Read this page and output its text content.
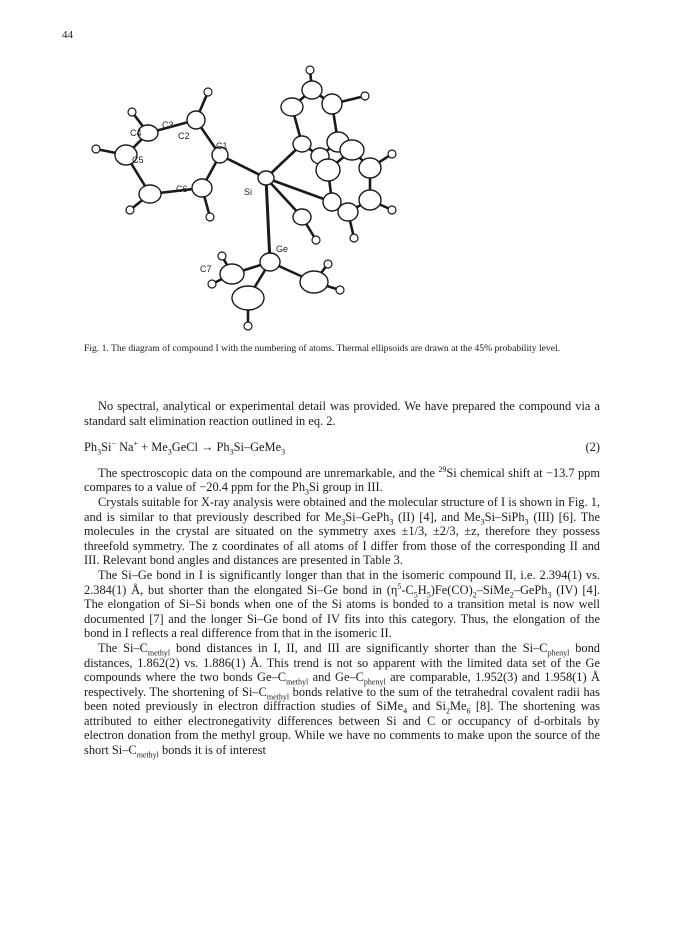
44
C4
C3
C2
C1
C5
C6	Si
Ge
C7
Fig. 1. The diagram of compound I with the numbering of atoms. Thermal ellipsoids are drawn at the 45% probability level.

No spectral, analytical or experimental detail was provided. We have prepared the compound via a standard salt elimination reaction outlined in eq. 2.

$Ph_3Si^-$ $Na^+ + Me_3GeCl$ → $Ph_3Si-GeMe_3$	(2)

The spectroscopic data on the compound are unremarkable, and the $^{29}$Si chemical shift at −13.7 ppm compares to a value of −20.4 ppm for the $Ph_3Si$ group in III.

Crystals suitable for X-ray analysis were obtained and the molecular structure of I is shown in Fig. 1, and is similar to that previously described for $Me_3Si-GePh_3$ (II) [4], and $Me_3Si-SiPh_3$ (III) [6]. The molecules in the crystal are situated on the symmetry axes ±1/3, ±2/3, ±z, therefore they possess threefold symmetry. The z coordinates of all atoms of I differ from those of the corresponding II and III. Relevant bond angles and distances are presented in Table 3.

The Si–Ge bond in I is significantly longer than that in the isomeric compound II, i.e. 2.394(1) vs. 2.384(1) Å, but shorter than the elongated Si–Ge bond in $(\eta^5-C_5H_5)Fe(CO)_2-SiMe_2-GePh_3$ (IV) [4]. The elongation of Si–Si bonds when one of the Si atoms is bonded to a transition metal is now well documented [7] and the longer Si–Ge bond of IV fits into this category. Thus, the elongation of the bond in I reflects a real difference from that in the isomeric II.

The $Si-C_{methyl}$ bond distances in I, II, and III are significantly shorter than the $Si-C_{phenyl}$ bond distances, 1.862(2) vs. 1.886(1) Å. This trend is not so apparent with the limited data set of the Ge compounds where the two bonds $Ge-C_{methyl}$ and $Ge-C_{phenyl}$ are comparable, 1.952(3) and 1.958(1) Å respectively. The shortening of $Si-C_{methyl}$ bonds relative to the sum of the tetrahedral covalent radii has been noted previously in electron diffraction studies of SiMe$_4$ and $Si_2Me_6$ [8]. The shortening was attributed to either electronegativity differences between Si and C or occupancy of d-orbitals by electron donation from the methyl group. While we have no comments to make upon the source of the short $Si-C_{methyl}$ bonds it is of interest
